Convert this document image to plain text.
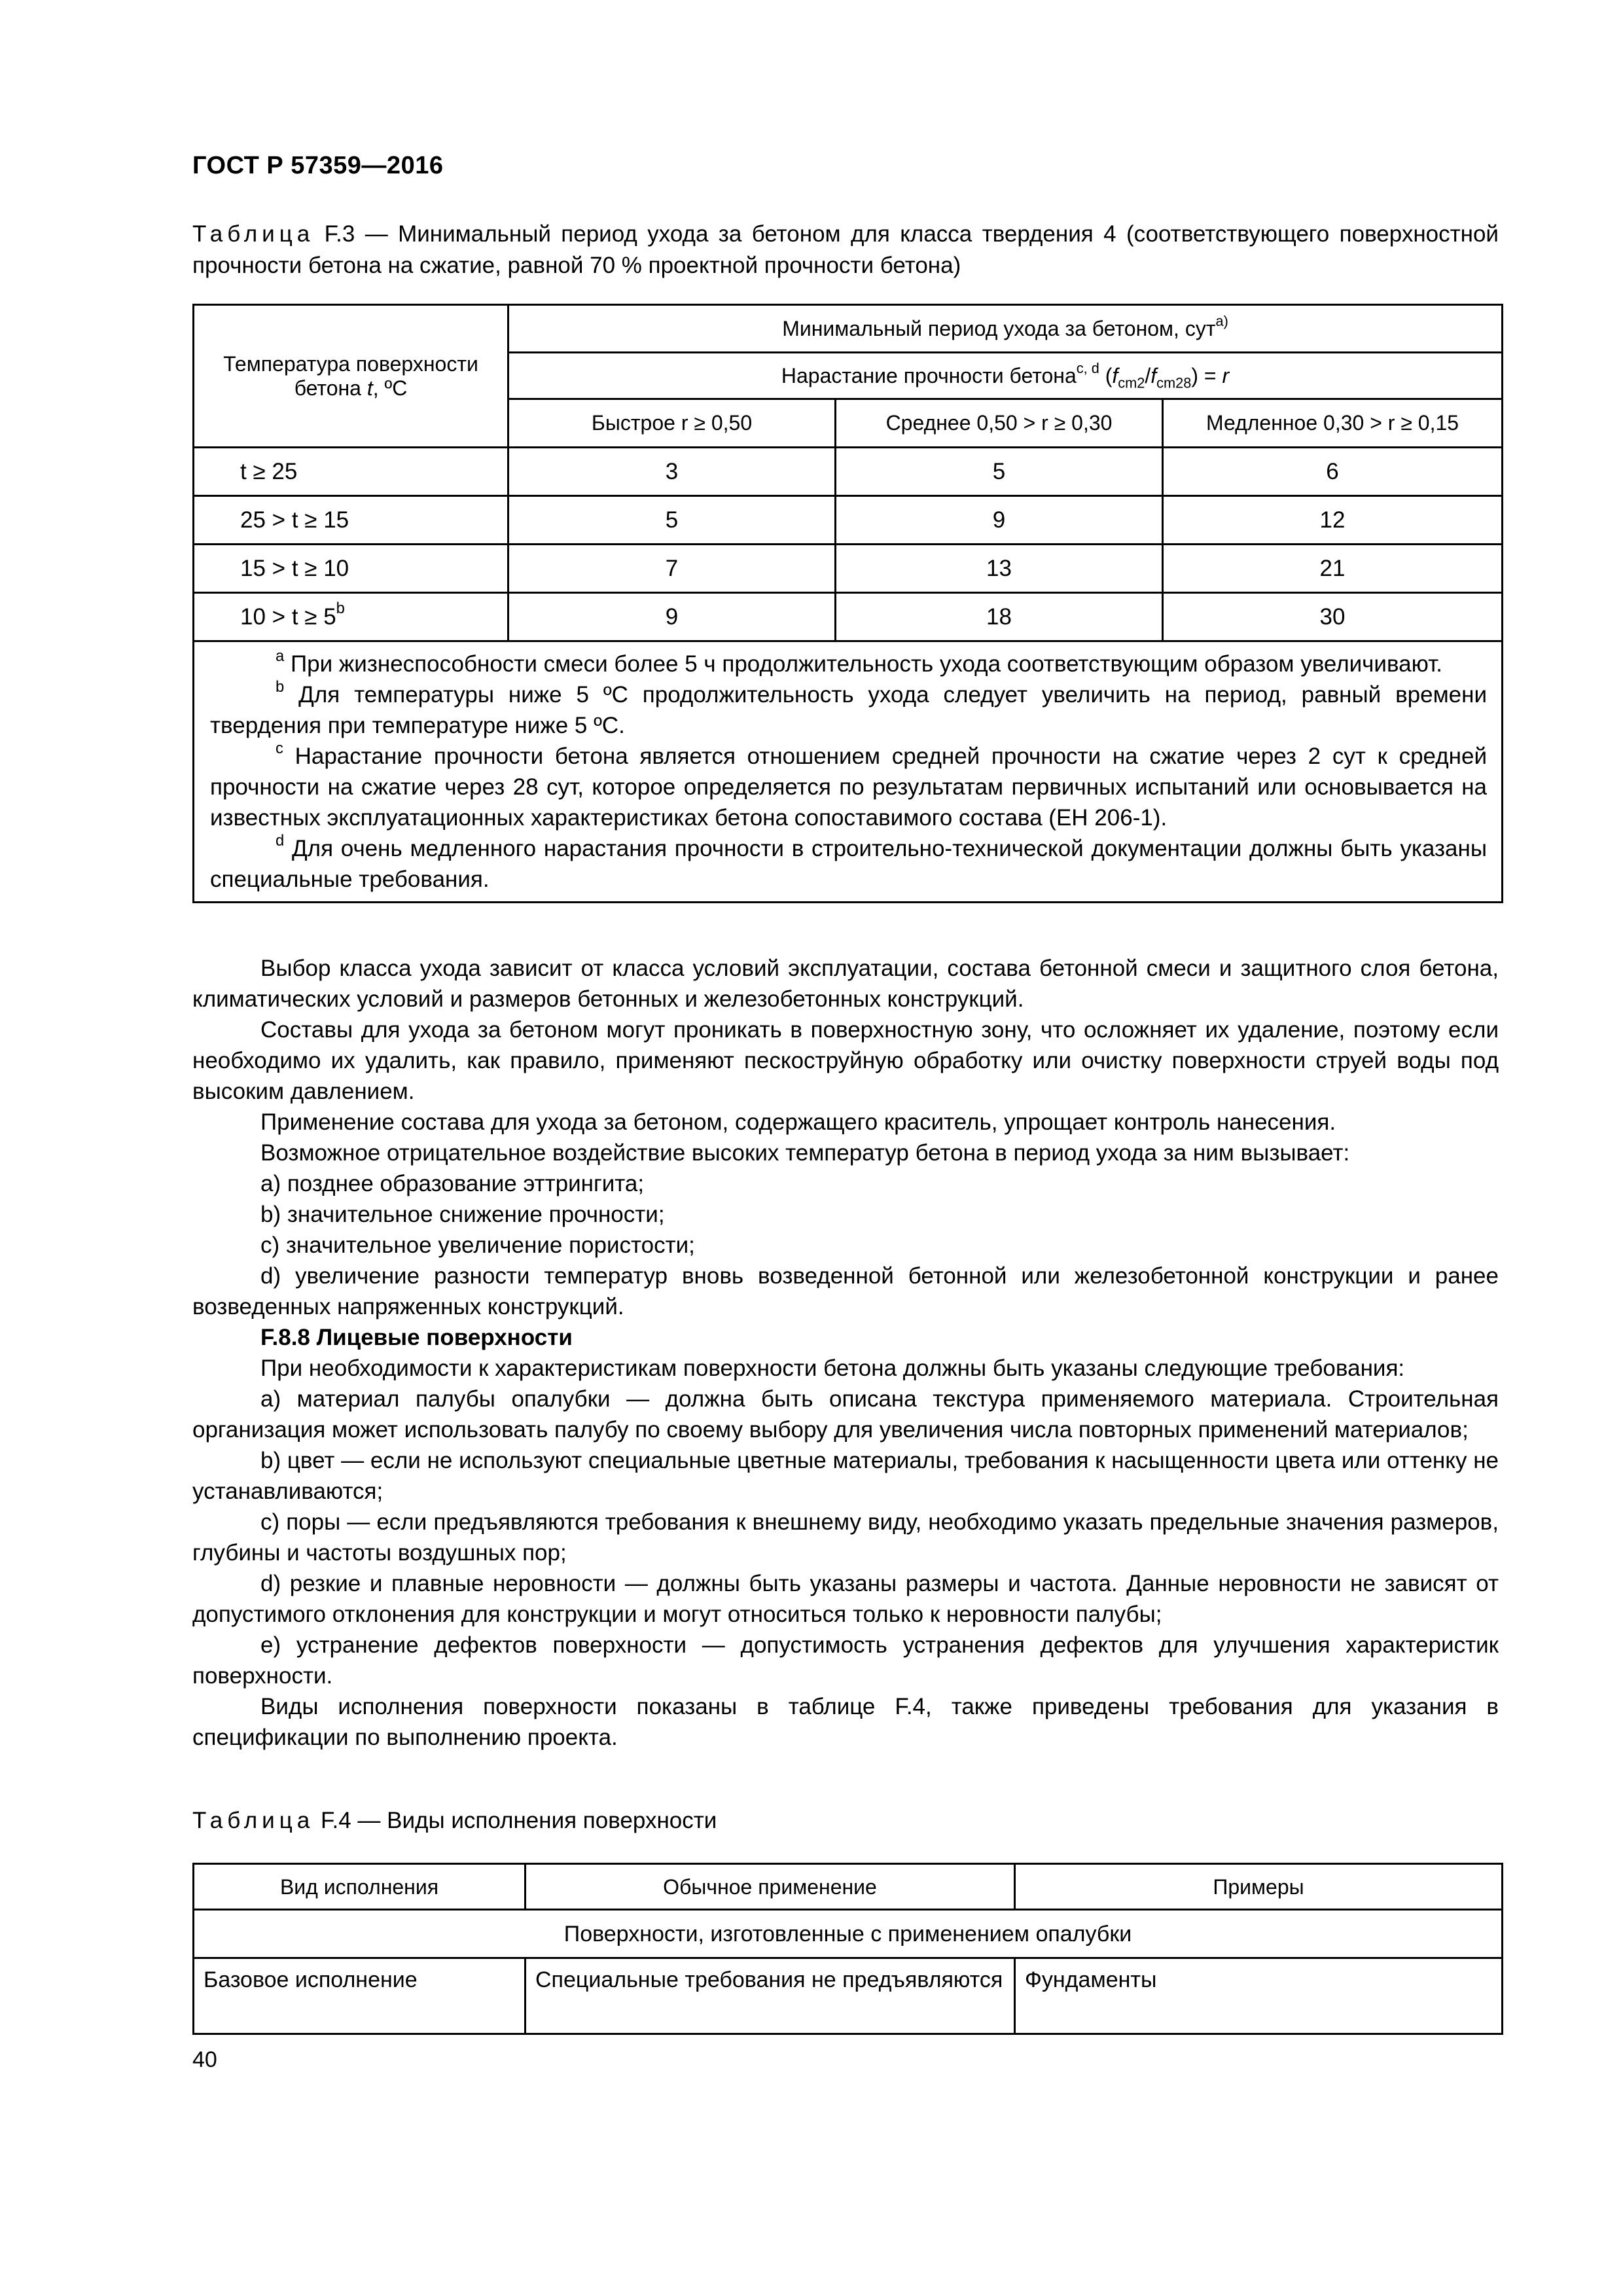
ГОСТ Р 57359—2016
Таблица F.3 — Минимальный период ухода за бетоном для класса твердения 4 (соответствующего поверхностной прочности бетона на сжатие, равной 70 % проектной прочности бетона)
Температура поверхности
бетона t, ºС	Минимальный период ухода за бетоном, сут$^{a)}$
	Нарастание прочности бетона$^{c, d}$ $(f_{cm2}/f_{cm28}) = r$		
	Быстрое r ≥ 0,50	Среднее 0,50 > r ≥ 0,30	Медленное 0,30 > r ≥ 0,15
t ≥ 25	3	5	6
25 > t ≥ 15	5	9	12
15 > t ≥ 10	7	13	21
$10 > t \ge 5^b$	9	18	30

$^a$ При жизнеспособности смеси более 5 ч продолжительность ухода соответствующим образом увеличивают.

$^b$ Для температуры ниже 5 ºС продолжительность ухода следует увеличить на период, равный времени твердения при температуре ниже 5 ºС.

$^c$ Нарастание прочности бетона является отношением средней прочности на сжатие через 2 сут к средней прочности на сжатие через 28 сут, которое определяется по результатам первичных испытаний или основывается на известных эксплуатационных характеристиках бетона сопоставимого состава (ЕН 206-1).

$^d$ Для очень медленного нарастания прочности в строительно-технической документации должны быть указаны специальные требования.			

Выбор класса ухода зависит от класса условий эксплуатации, состава бетонной смеси и защитного слоя бетона, климатических условий и размеров бетонных и железобетонных конструкций.

Составы для ухода за бетоном могут проникать в поверхностную зону, что осложняет их удаление, поэтому если необходимо их удалить, как правило, применяют пескоструйную обработку или очистку поверхности струей воды под высоким давлением.

Применение состава для ухода за бетоном, содержащего краситель, упрощает контроль нанесения.

Возможное отрицательное воздействие высоких температур бетона в период ухода за ним вызывает:

a) позднее образование эттрингита;

b) значительное снижение прочности;

c) значительное увеличение пористости;

d) увеличение разности температур вновь возведенной бетонной или железобетонной конструкции и ранее возведенных напряженных конструкций.

F.8.8 Лицевые поверхности

При необходимости к характеристикам поверхности бетона должны быть указаны следующие требования:

a) материал палубы опалубки — должна быть описана текстура применяемого материала. Строительная организация может использовать палубу по своему выбору для увеличения числа повторных применений материалов;

b) цвет — если не используют специальные цветные материалы, требования к насыщенности цвета или оттенку не устанавливаются;

c) поры — если предъявляются требования к внешнему виду, необходимо указать предельные значения размеров, глубины и частоты воздушных пор;

d) резкие и плавные неровности — должны быть указаны размеры и частота. Данные неровности не зависят от допустимого отклонения для конструкции и могут относиться только к неровности палубы;

e) устранение дефектов поверхности — допустимость устранения дефектов для улучшения характеристик поверхности.

Виды исполнения поверхности показаны в таблице F.4, также приведены требования для указания в спецификации по выполнению проекта.

Таблица F.4 — Виды исполнения поверхности
Вид исполнения	Обычное применение	Примеры
Поверхности, изготовленные с применением опалубки		
Базовое исполнение	Специальные требования не предъявляются	Фундаменты
40
